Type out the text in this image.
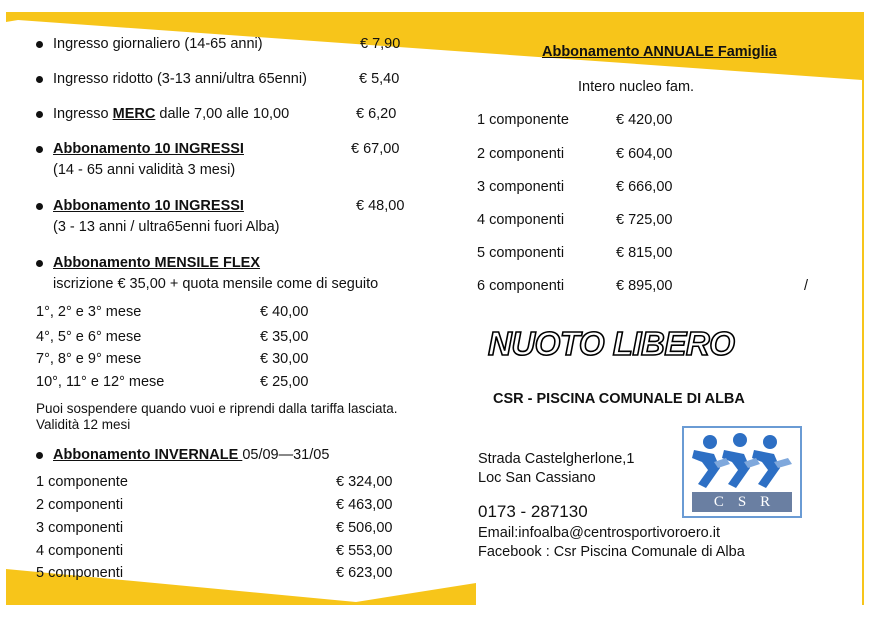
Ingresso giornaliero (14-65 anni)	€ 7,90
Ingresso ridotto (3-13 anni/ultra 65enni)	€ 5,40
Ingresso MERC dalle 7,00 alle 10,00	€ 6,20
Abbonamento 10 INGRESSI	€ 67,00
(14 - 65 anni validità 3 mesi)
Abbonamento 10 INGRESSI	€ 48,00
(3 - 13 anni / ultra65enni fuori Alba)
Abbonamento MENSILE FLEX
iscrizione € 35,00 + quota mensile come di seguito
1°, 2° e 3° mese	€ 40,00
4°, 5° e 6° mese	€ 35,00
7°, 8° e 9° mese	€ 30,00
10°, 11° e 12° mese	€ 25,00
Puoi sospendere quando vuoi e riprendi dalla tariffa lasciata.
Validità 12 mesi
Abbonamento INVERNALE 05/09—31/05
1 componente	€ 324,00
2 componenti	€ 463,00
3 componenti	€ 506,00
4 componenti	€ 553,00
5 componenti	€ 623,00
Abbonamento ANNUALE Famiglia
Intero nucleo fam.
1 componente	€ 420,00
2 componenti	€ 604,00
3 componenti	€ 666,00
4 componenti	€ 725,00
5 componenti	€ 815,00
6 componenti	€ 895,00	/
NUOTO LIBERO
CSR - PISCINA COMUNALE DI ALBA
Strada Castelgherlone,1
Loc San Cassiano
0173 - 287130
Email:infoalba@centrosportivoroero.it
Facebook : Csr Piscina Comunale di Alba
CSR
